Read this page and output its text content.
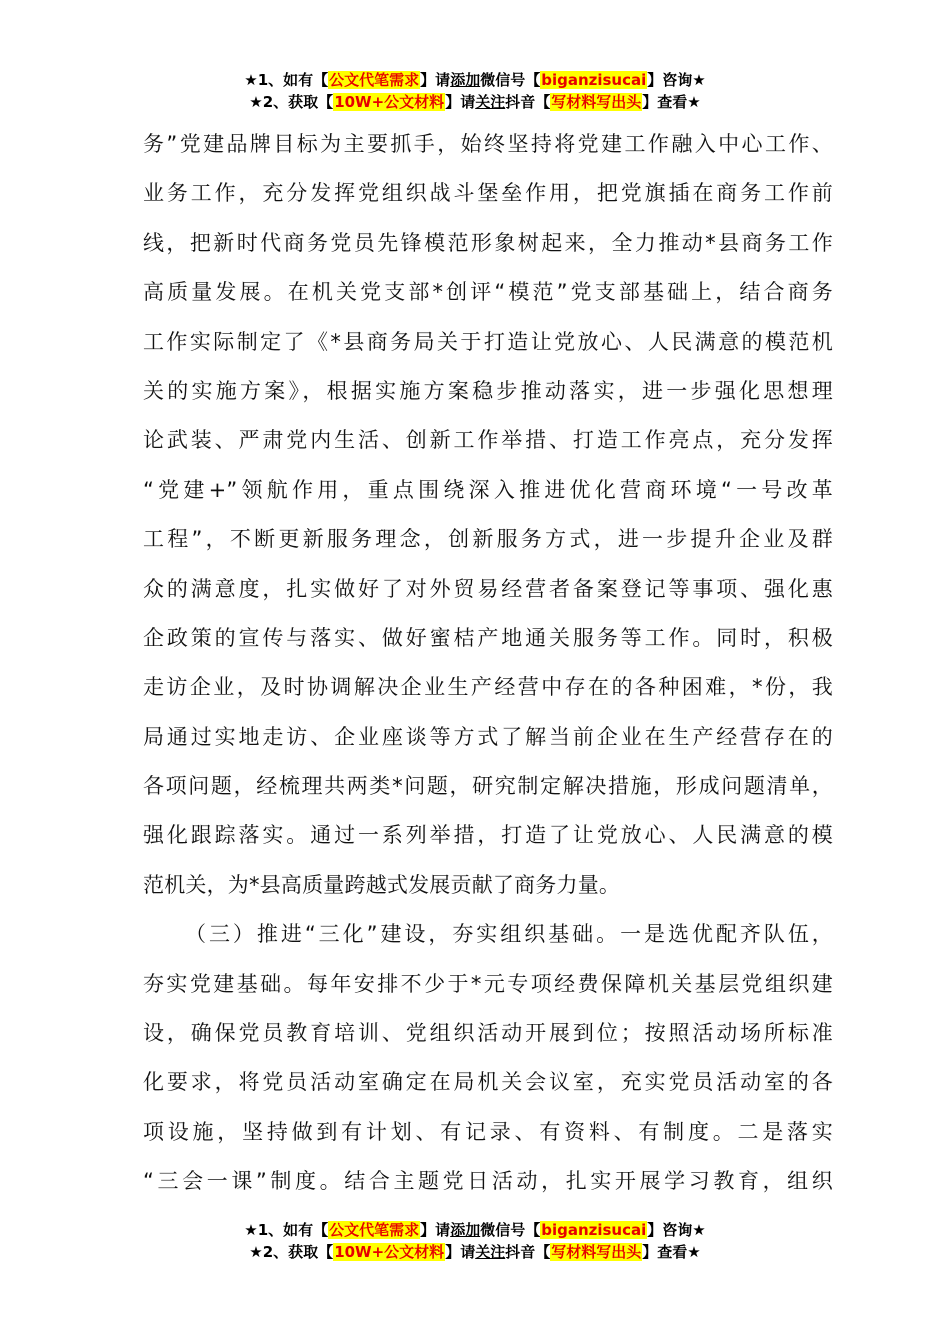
★1、如有【公文代笔需求】请添加微信号【biganzisucai】咨询★
★2、获取【10W+公文材料】请关注抖音【写材料写出头】查看★
务”党建品牌目标为主要抓手，始终坚持将党建工作融入中心工作、
业务工作，充分发挥党组织战斗堡垒作用，把党旗插在商务工作前
线，把新时代商务党员先锋模范形象树起来，全力推动*县商务工作
高质量发展。在机关党支部*创评“模范”党支部基础上，结合商务
工作实际制定了《*县商务局关于打造让党放心、人民满意的模范机
关的实施方案》，根据实施方案稳步推动落实，进一步强化思想理
论武装、严肃党内生活、创新工作举措、打造工作亮点，充分发挥
“党建+”领航作用，重点围绕深入推进优化营商环境“一号改革
工程”，不断更新服务理念，创新服务方式，进一步提升企业及群
众的满意度，扎实做好了对外贸易经营者备案登记等事项、强化惠
企政策的宣传与落实、做好蜜桔产地通关服务等工作。同时，积极
走访企业，及时协调解决企业生产经营中存在的各种困难，*份，我
局通过实地走访、企业座谈等方式了解当前企业在生产经营存在的
各项问题，经梳理共两类*问题，研究制定解决措施，形成问题清单，
强化跟踪落实。通过一系列举措，打造了让党放心、人民满意的模
范机关，为*县高质量跨越式发展贡献了商务力量。
（三）推进“三化”建设，夯实组织基础。一是选优配齐队伍，
夯实党建基础。每年安排不少于*元专项经费保障机关基层党组织建
设，确保党员教育培训、党组织活动开展到位；按照活动场所标准
化要求，将党员活动室确定在局机关会议室，充实党员活动室的各
项设施，坚持做到有计划、有记录、有资料、有制度。二是落实
“三会一课”制度。结合主题党日活动，扎实开展学习教育，组织
★1、如有【公文代笔需求】请添加微信号【biganzisucai】咨询★
★2、获取【10W+公文材料】请关注抖音【写材料写出头】查看★
